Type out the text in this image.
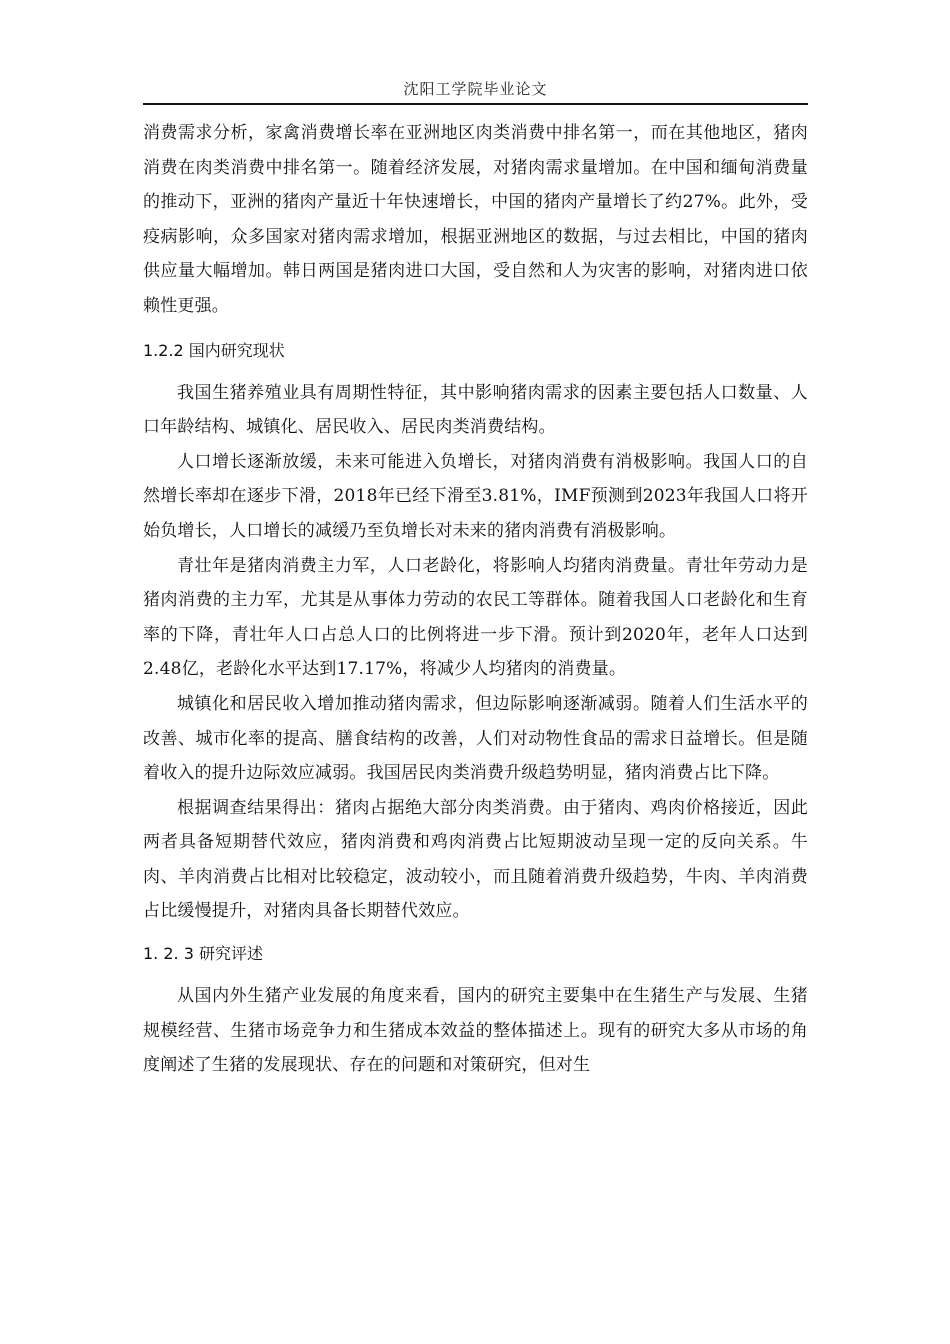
沈阳工学院毕业论文

消费需求分析，家禽消费增长率在亚洲地区肉类消费中排名第一，而在其他地区，猪肉消费在肉类消费中排名第一。随着经济发展，对猪肉需求量增加。在中国和缅甸消费量的推动下，亚洲的猪肉产量近十年快速增长，中国的猪肉产量增长了约27%。此外，受疫病影响，众多国家对猪肉需求增加，根据亚洲地区的数据，与过去相比，中国的猪肉供应量大幅增加。韩日两国是猪肉进口大国，受自然和人为灾害的影响，对猪肉进口依赖性更强。

1.2.2 国内研究现状

我国生猪养殖业具有周期性特征，其中影响猪肉需求的因素主要包括人口数量、人口年龄结构、城镇化、居民收入、居民肉类消费结构。

人口增长逐渐放缓，未来可能进入负增长，对猪肉消费有消极影响。我国人口的自然增长率却在逐步下滑，2018年已经下滑至3.81%，IMF预测到2023年我国人口将开始负增长，人口增长的减缓乃至负增长对未来的猪肉消费有消极影响。

青壮年是猪肉消费主力军，人口老龄化，将影响人均猪肉消费量。青壮年劳动力是猪肉消费的主力军，尤其是从事体力劳动的农民工等群体。随着我国人口老龄化和生育率的下降，青壮年人口占总人口的比例将进一步下滑。预计到2020年，老年人口达到2.48亿，老龄化水平达到17.17%，将减少人均猪肉的消费量。

城镇化和居民收入增加推动猪肉需求，但边际影响逐渐减弱。随着人们生活水平的改善、城市化率的提高、膳食结构的改善，人们对动物性食品的需求日益增长。但是随着收入的提升边际效应减弱。我国居民肉类消费升级趋势明显，猪肉消费占比下降。

根据调查结果得出：猪肉占据绝大部分肉类消费。由于猪肉、鸡肉价格接近，因此两者具备短期替代效应，猪肉消费和鸡肉消费占比短期波动呈现一定的反向关系。牛肉、羊肉消费占比相对比较稳定，波动较小，而且随着消费升级趋势，牛肉、羊肉消费占比缓慢提升，对猪肉具备长期替代效应。

1. 2. 3 研究评述

从国内外生猪产业发展的角度来看，国内的研究主要集中在生猪生产与发展、生猪规模经营、生猪市场竞争力和生猪成本效益的整体描述上。现有的研究大多从市场的角度阐述了生猪的发展现状、存在的问题和对策研究，但对生
